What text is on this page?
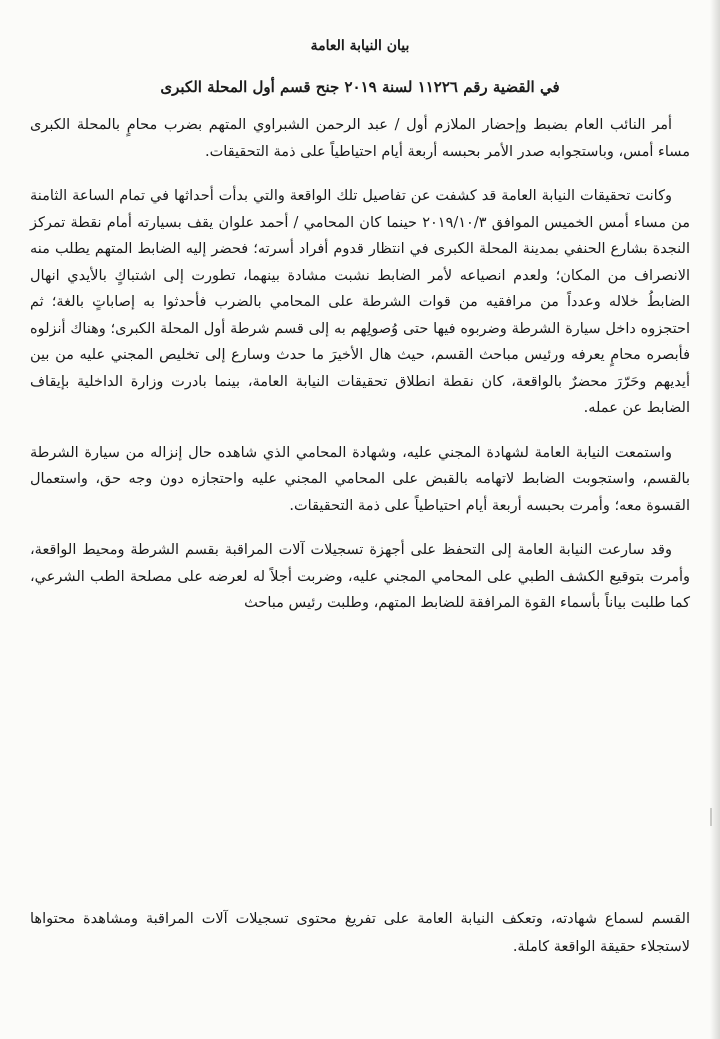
بيان النيابة العامة
في القضية رقم ١١٢٢٦ لسنة ٢٠١٩ جنح قسم أول المحلة الكبرى

أمر النائب العام بضبط وإحضار الملازم أول / عبد الرحمن الشبراوي المتهم بضرب محامٍ بالمحلة الكبرى مساء أمس، وباستجوابه صدر الأمر بحبسه أربعة أيام احتياطياً على ذمة التحقيقات.

وكانت تحقيقات النيابة العامة قد كشفت عن تفاصيل تلك الواقعة والتي بدأت أحداثها في تمام الساعة الثامنة من مساء أمس الخميس الموافق ٢٠١٩/١٠/٣ حينما كان المحامي / أحمد علوان يقف بسيارته أمام نقطة تمركز النجدة بشارع الحنفي بمدينة المحلة الكبرى في انتظار قدوم أفراد أسرته؛ فحضر إليه الضابط المتهم يطلب منه الانصراف من المكان؛ ولعدم انصياعه لأمر الضابط نشبت مشادة بينهما، تطورت إلى اشتباكٍ بالأيدي انهال الضابطُ خلاله وعدداً من مرافقيه من قوات الشرطة على المحامي بالضرب فأحدثوا به إصاباتٍ بالغة؛ ثم احتجزوه داخل سيارة الشرطة وضربوه فيها حتى وُصولِهم به إلى قسم شرطة أول المحلة الكبرى؛ وهناك أنزلوه فأبصره محامٍ يعرفه ورئيس مباحث القسم، حيث هال الأخيرَ ما حدث وسارع إلى تخليص المجني عليه من بين أيديهم وحَرّرَ محضرٌ بالواقعة، كان نقطة انطلاق تحقيقات النيابة العامة، بينما بادرت وزارة الداخلية بإيقاف الضابط عن عمله.

واستمعت النيابة العامة لشهادة المجني عليه، وشهادة المحامي الذي شاهده حال إنزاله من سيارة الشرطة بالقسم، واستجوبت الضابط لاتهامه بالقبض على المحامي المجني عليه واحتجازه دون وجه حق، واستعمال القسوة معه؛ وأمرت بحبسه أربعة أيام احتياطياً على ذمة التحقيقات.

وقد سارعت النيابة العامة إلى التحفظ على أجهزة تسجيلات آلات المراقبة بقسم الشرطة ومحيط الواقعة، وأمرت بتوقيع الكشف الطبي على المحامي المجني عليه، وضربت أجلاً له لعرضه على مصلحة الطب الشرعي، كما طلبت بياناً بأسماء القوة المرافقة للضابط المتهم، وطلبت رئيس مباحث

القسم لسماع شهادته، وتعكف النيابة العامة على تفريغ محتوى تسجيلات آلات المراقبة ومشاهدة محتواها لاستجلاء حقيقة الواقعة كاملة.
